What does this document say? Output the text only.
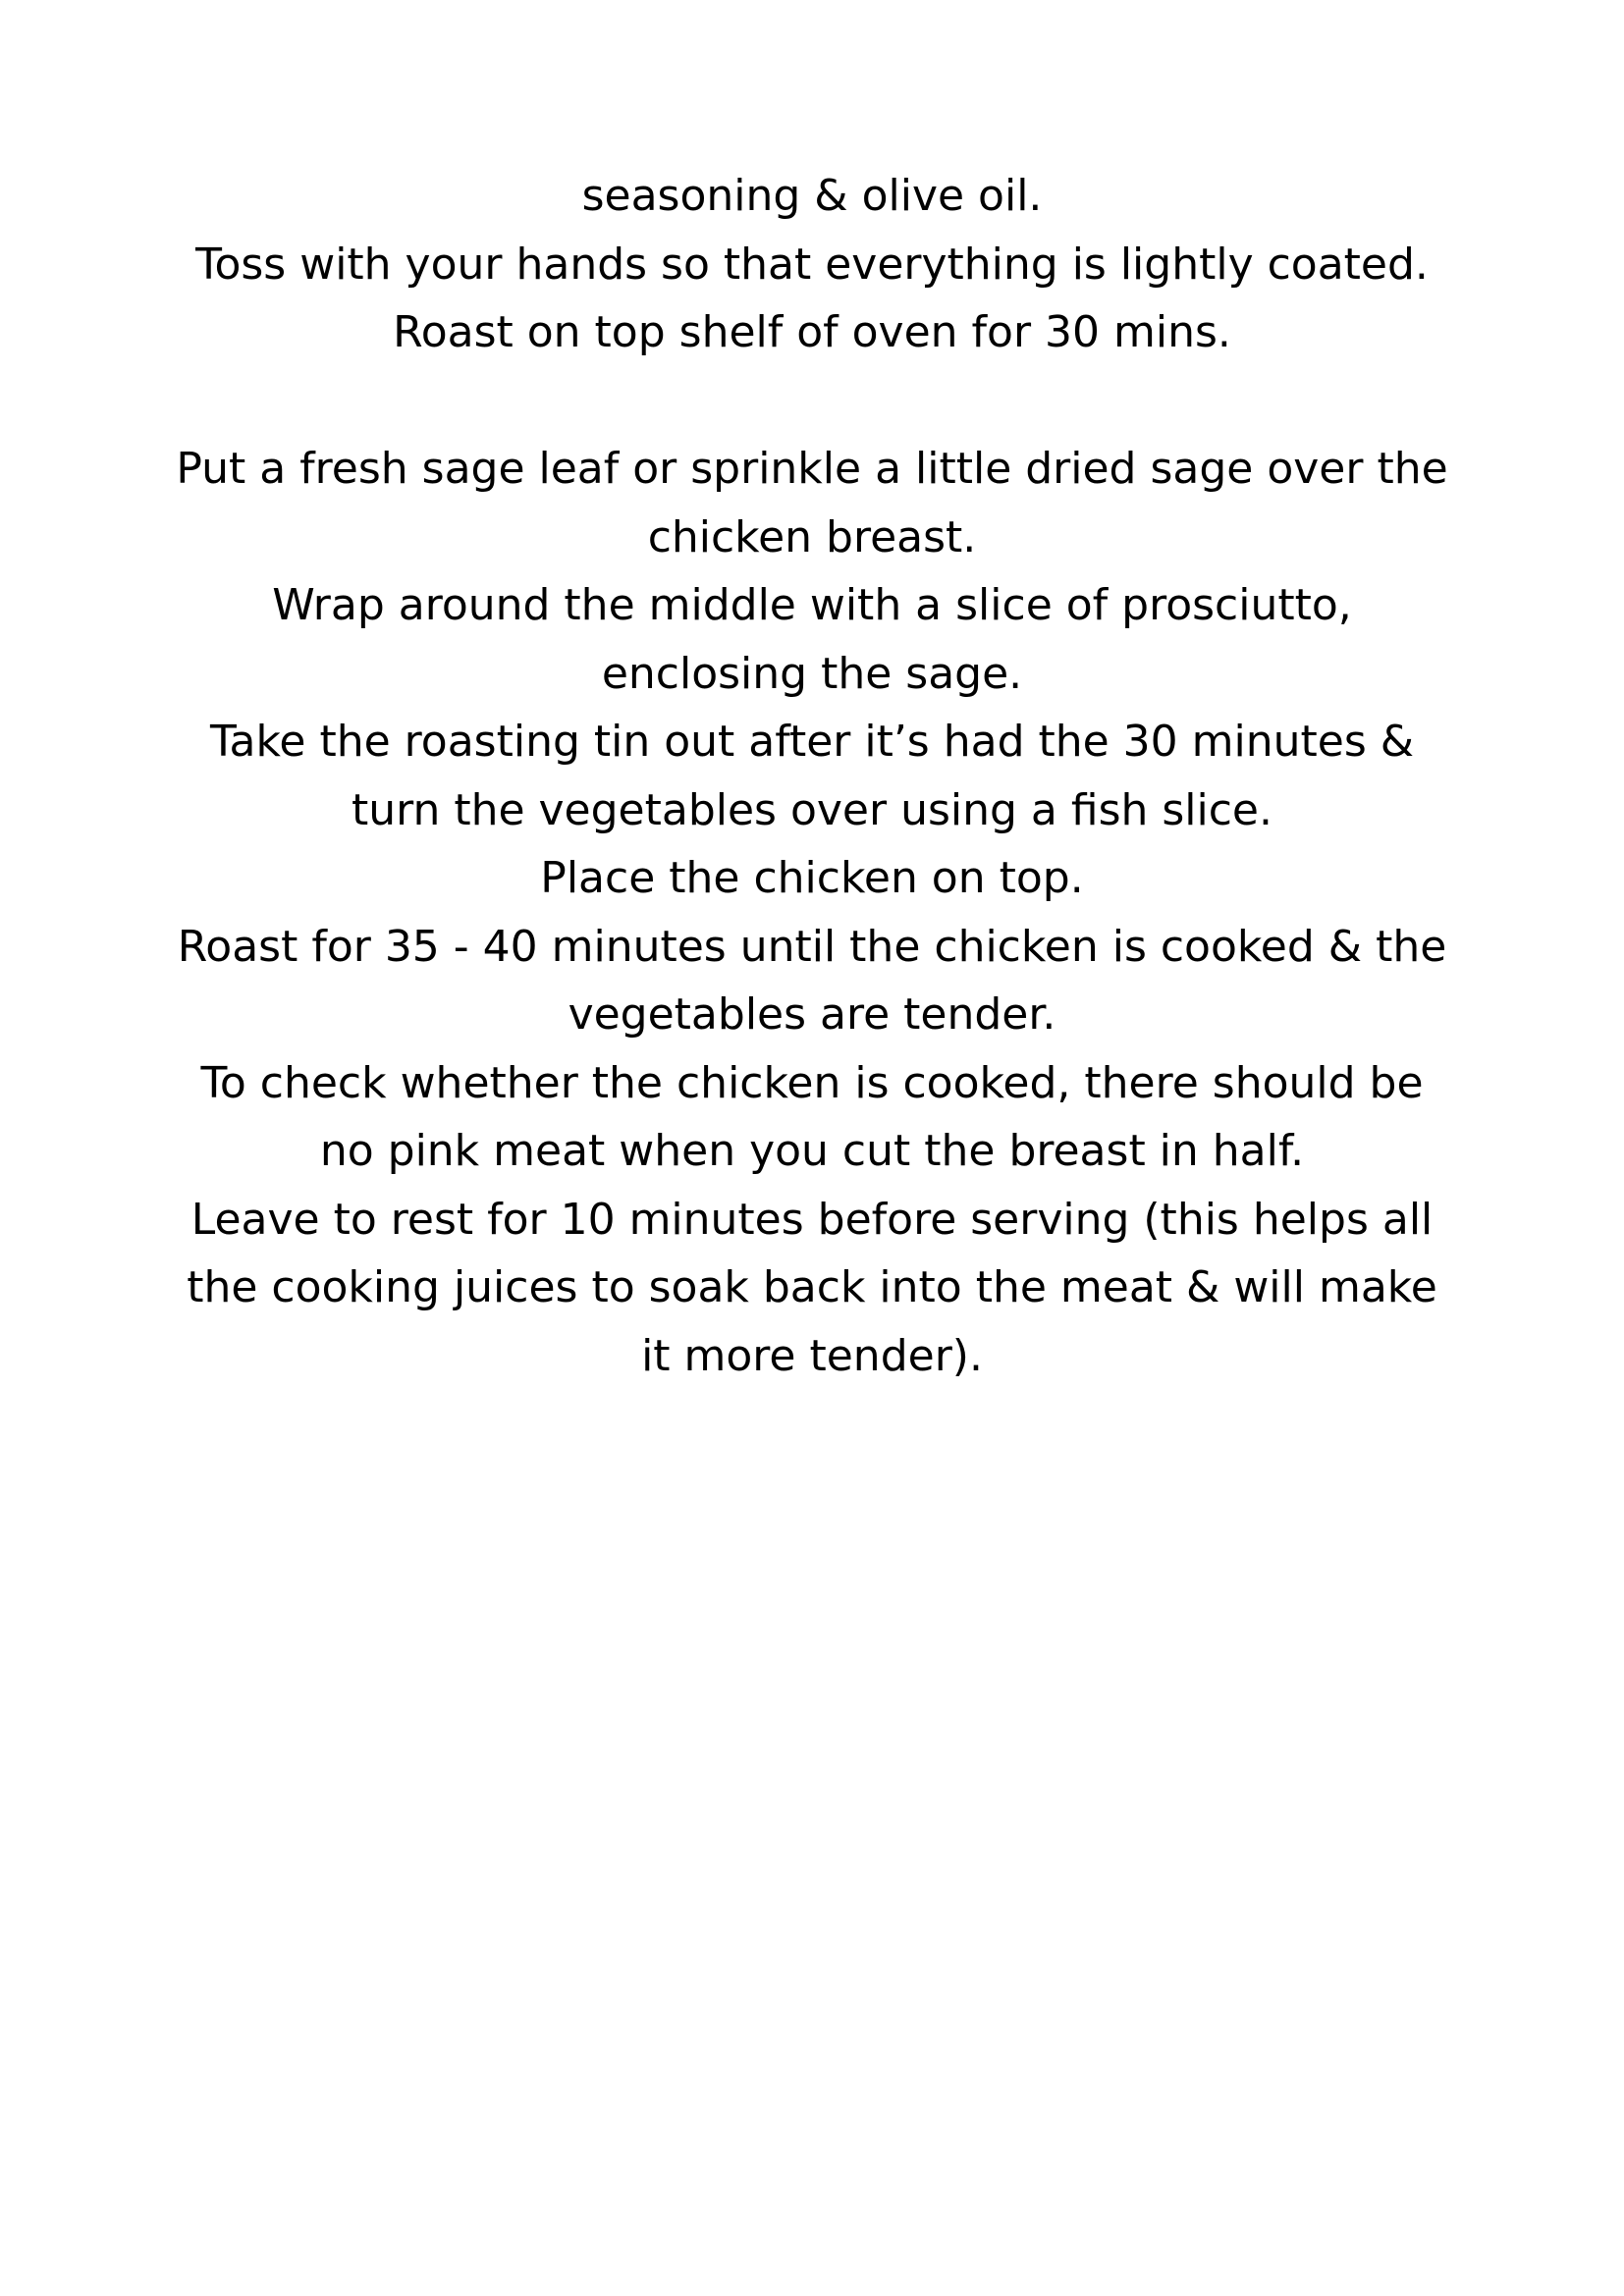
seasoning & olive oil.
Toss with your hands so that everything is lightly coated.
Roast on top shelf of oven for 30 mins.
Put a fresh sage leaf or sprinkle a little dried sage over the
chicken breast.
Wrap around the middle with a slice of prosciutto,
enclosing the sage.
Take the roasting tin out after it’s had the 30 minutes &
turn the vegetables over using a fish slice.
Place the chicken on top.
Roast for 35 - 40 minutes until the chicken is cooked & the
vegetables are tender.
To check whether the chicken is cooked, there should be
no pink meat when you cut the breast in half.
Leave to rest for 10 minutes before serving (this helps all
the cooking juices to soak back into the meat & will make
it more tender).
